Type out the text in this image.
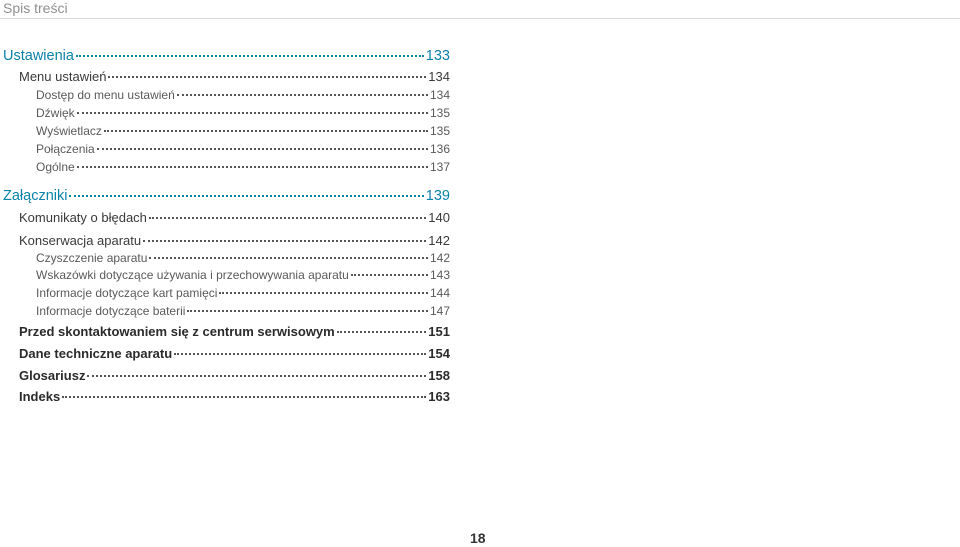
Spis treści
Ustawienia	133
Menu ustawień	134
Dostęp do menu ustawień	134
Dźwięk	135
Wyświetlacz	135
Połączenia	136
Ogólne	137
Załączniki	139
Komunikaty o błędach	140
Konserwacja aparatu	142
Czyszczenie aparatu	142
Wskazówki dotyczące używania i przechowywania aparatu	143
Informacje dotyczące kart pamięci	144
Informacje dotyczące baterii	147
Przed skontaktowaniem się z centrum serwisowym	151
Dane techniczne aparatu	154
Glosariusz	158
Indeks	163
18
